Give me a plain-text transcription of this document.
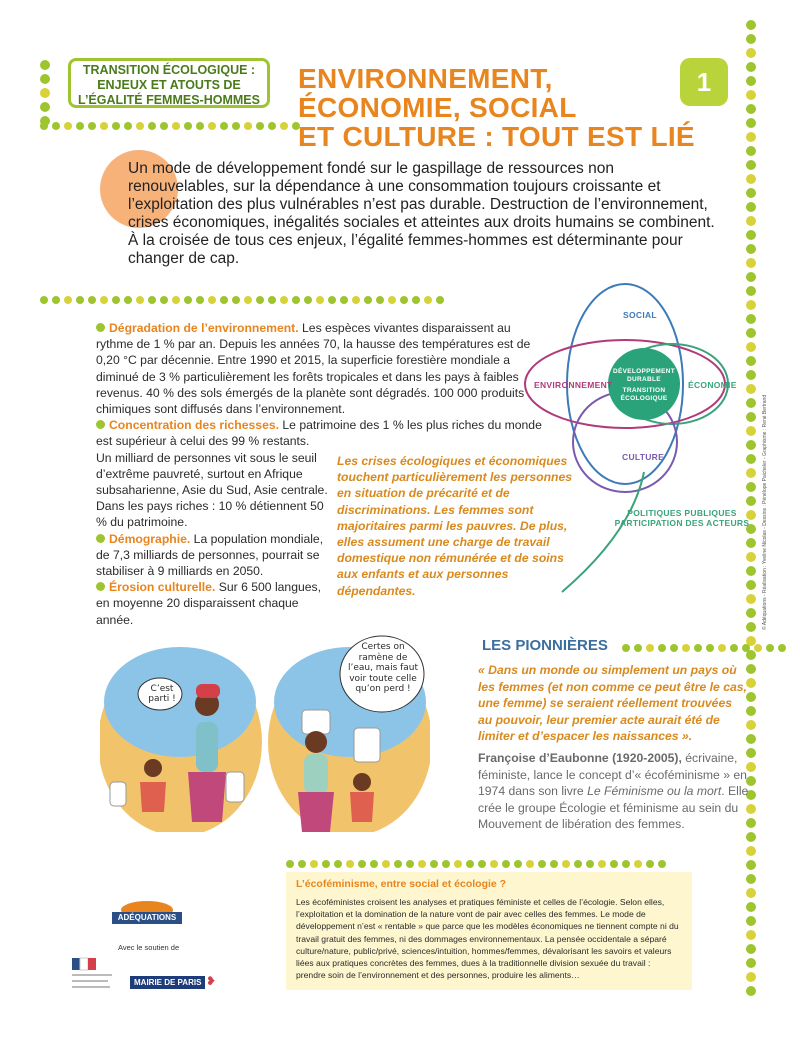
TRANSITION ÉCOLOGIQUE :
ENJEUX ET ATOUTS DE
L’ÉGALITÉ FEMMES-HOMMES
ENVIRONNEMENT,
ÉCONOMIE, SOCIAL
ET CULTURE : TOUT EST LIÉ
1
Un mode de développement fondé sur le gaspillage de ressources non renouvelables, sur la dépendance à une consommation toujours croissante et l’exploitation des plus vulnérables n’est pas durable. Destruction de l’environnement, crises économiques, inégalités sociales et atteintes aux droits humains se combinent. À la croisée de tous ces enjeux, l’égalité femmes-hommes est déterminante pour changer de cap.

Dégradation de l’environnement. Les espèces vivantes disparaissent au rythme de 1 % par an. Depuis les années 70, la hausse des températures est de 0,20 °C par décennie. Entre 1990 et 2015, la superficie forestière mondiale a diminué de 3 % particulièrement les forêts tropicales et dans les pays à faibles revenus. 40 % des sols émergés de la planète sont dégradés. 100 000 produits chimiques sont diffusés dans l’environnement.

Concentration des richesses. Le patrimoine des 1 % les plus riches du monde est supérieur à celui des 99 % restants.

Un milliard de personnes vit sous le seuil d’extrême pauvreté, surtout en Afrique subsaharienne, Asie du Sud, Asie centrale. Dans les pays riches : 10 % détiennent 50 % du patrimoine.

Démographie. La population mondiale, de 7,3 milliards de personnes, pourrait se stabiliser à 9 milliards en 2050.

Érosion culturelle. Sur 6 500 langues, en moyenne 20 disparaissent chaque année.

Les crises écologiques et économiques touchent particulièrement les personnes en situation de précarité et de discriminations. Les femmes sont majoritaires parmi les pauvres. De plus, elles assument une charge de travail domestique non rémunérée et de soins aux enfants et aux personnes dépendantes.
SOCIAL
ENVIRONNEMENT	ÉCONOMIE
CULTURE
DÉVELOPPEMENT
DURABLE
TRANSITION
ÉCOLOGIQUE
POLITIQUES PUBLIQUES
PARTICIPATION DES ACTEURS	© Adéquations - Réalisation : Yveline Nicolas - Dessins : Pénélope Paicheler - Graphisme : René Bertrand
C’est parti !
Certes on ramène de l’eau, mais faut voir toute celle qu’on perd !
LES PIONNIÈRES
« Dans un monde ou simplement un pays où les femmes (et non comme ce peut être le cas, une femme) se seraient réellement trouvées au pouvoir, leur premier acte aurait été de limiter et d’espacer les naissances ».
Françoise d’Eaubonne (1920-2005), écrivaine, féministe, lance le concept d’« écoféminisme » en 1974 dans son livre Le Féminisme ou la mort. Elle crée le groupe Écologie et féminisme au sein du Mouvement de libération des femmes.
L’écoféminisme, entre social et écologie ?
Les écoféministes croisent les analyses et pratiques féministe et celles de l’écologie. Selon elles, l’exploitation et la domination de la nature vont de pair avec celles des femmes. Le mode de développement n’est « rentable » que parce que les modèles économiques ne tiennent compte ni du travail gratuit des femmes, ni des dommages environnementaux. La pensée occidentale a séparé culture/nature, public/privé, sciences/intuition, hommes/femmes, dévalorisant les savoirs et valeurs liées aux pratiques concrètes des femmes, dues à la traditionnelle division sexuée du travail : prendre soin de l’environnement et des personnes, produire les aliments…
ADÉQUATIONS
Avec le soutien de
MAIRIE DE PARIS ❥
